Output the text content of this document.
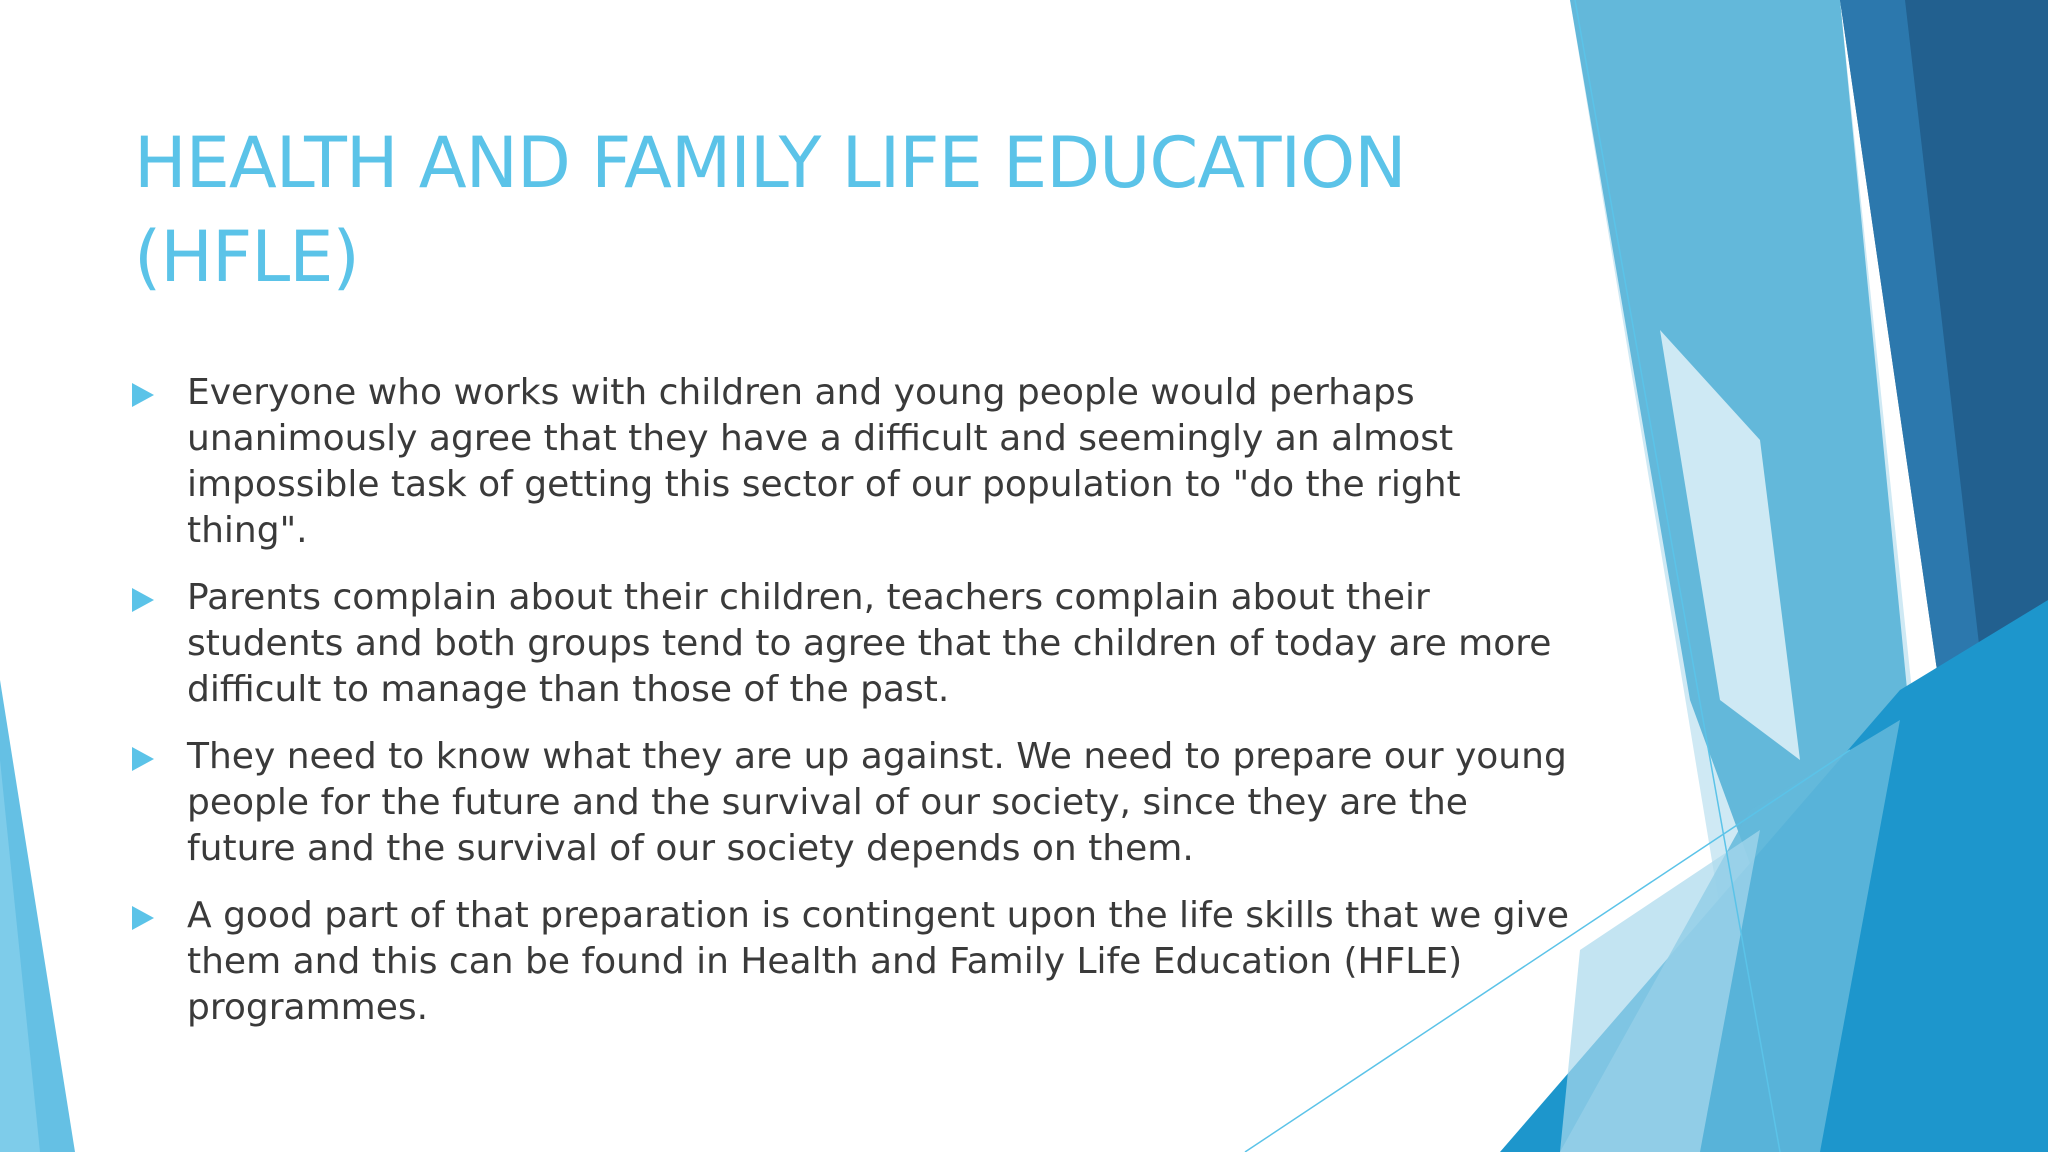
HEALTH AND FAMILY LIFE EDUCATION (HFLE)
Everyone who works with children and young people would perhaps unanimously agree that they have a difficult and seemingly an almost impossible task of getting this sector of our population to "do the right thing".
Parents complain about their children, teachers complain about their students and both groups tend to agree that the children of today are more difficult to manage than those of the past.
They need to know what they are up against. We need to prepare our young people for the future and the survival of our society, since they are the future and the survival of our society depends on them.
A good part of that preparation is contingent upon the life skills that we give them and this can be found in Health and Family Life Education (HFLE) programmes.
